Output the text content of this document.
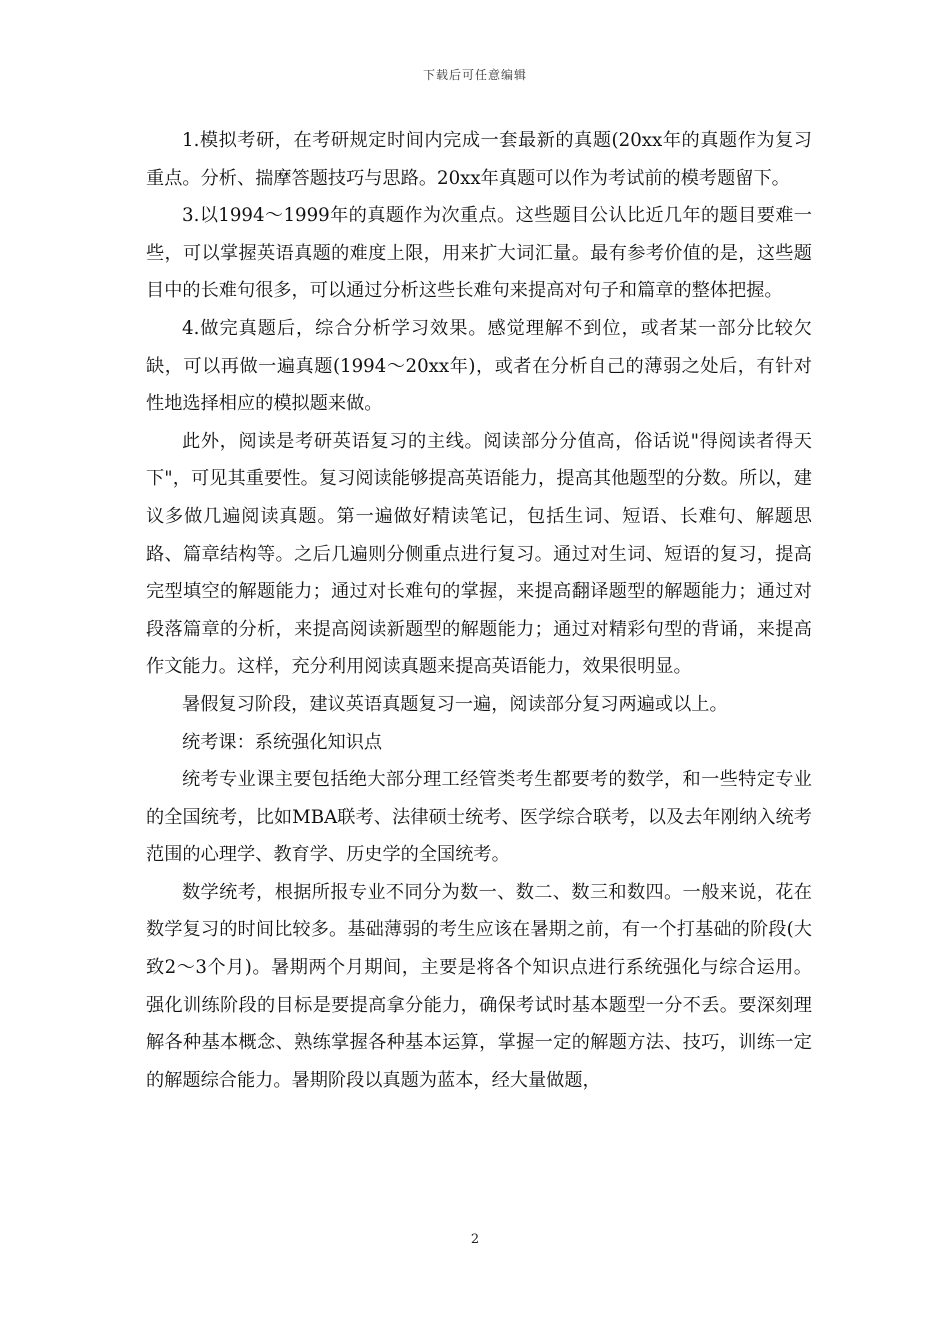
下载后可任意编辑

1.模拟考研，在考研规定时间内完成一套最新的真题(20xx年的真题作为复习重点。分析、揣摩答题技巧与思路。20xx年真题可以作为考试前的模考题留下。

3.以1994～1999年的真题作为次重点。这些题目公认比近几年的题目要难一些，可以掌握英语真题的难度上限，用来扩大词汇量。最有参考价值的是，这些题目中的长难句很多，可以通过分析这些长难句来提高对句子和篇章的整体把握。

4.做完真题后，综合分析学习效果。感觉理解不到位，或者某一部分比较欠缺，可以再做一遍真题(1994～20xx年)，或者在分析自己的薄弱之处后，有针对性地选择相应的模拟题来做。

此外，阅读是考研英语复习的主线。阅读部分分值高，俗话说"得阅读者得天下"，可见其重要性。复习阅读能够提高英语能力，提高其他题型的分数。所以，建议多做几遍阅读真题。第一遍做好精读笔记，包括生词、短语、长难句、解题思路、篇章结构等。之后几遍则分侧重点进行复习。通过对生词、短语的复习，提高完型填空的解题能力；通过对长难句的掌握，来提高翻译题型的解题能力；通过对段落篇章的分析，来提高阅读新题型的解题能力；通过对精彩句型的背诵，来提高作文能力。这样，充分利用阅读真题来提高英语能力，效果很明显。

暑假复习阶段，建议英语真题复习一遍，阅读部分复习两遍或以上。

统考课：系统强化知识点

统考专业课主要包括绝大部分理工经管类考生都要考的数学，和一些特定专业的全国统考，比如MBA联考、法律硕士统考、医学综合联考，以及去年刚纳入统考范围的心理学、教育学、历史学的全国统考。

数学统考，根据所报专业不同分为数一、数二、数三和数四。一般来说，花在数学复习的时间比较多。基础薄弱的考生应该在暑期之前，有一个打基础的阶段(大致2～3个月)。暑期两个月期间，主要是将各个知识点进行系统强化与综合运用。强化训练阶段的目标是要提高拿分能力，确保考试时基本题型一分不丢。要深刻理解各种基本概念、熟练掌握各种基本运算，掌握一定的解题方法、技巧，训练一定的解题综合能力。暑期阶段以真题为蓝本，经大量做题，

2
